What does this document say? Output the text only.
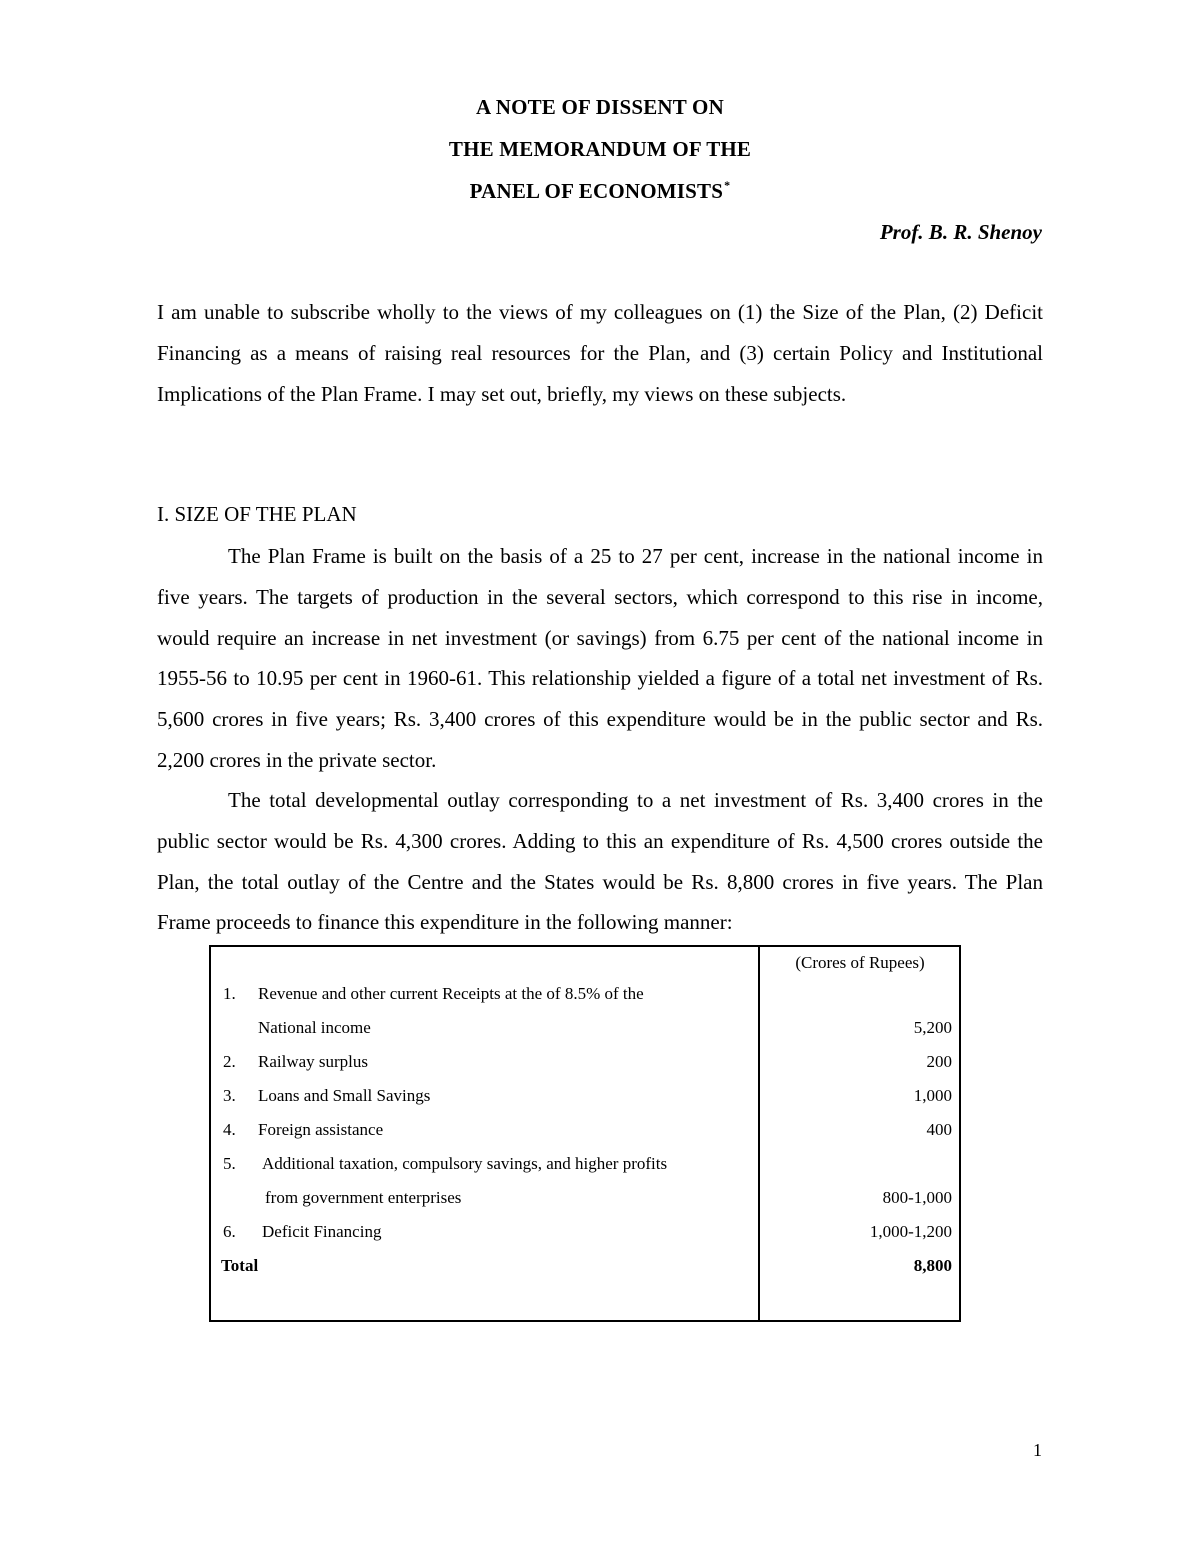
A NOTE OF DISSENT ON
THE MEMORANDUM OF THE
PANEL OF ECONOMISTS*
Prof. B. R. Shenoy

I am unable to subscribe wholly to the views of my colleagues on (1) the Size of the Plan, (2) Deficit Financing as a means of raising real resources for the Plan, and (3) certain Policy and Institutional Implications of the Plan Frame. I may set out, briefly, my views on these subjects.

I. SIZE OF THE PLAN

The Plan Frame is built on the basis of a 25 to 27 per cent, increase in the national income in five years. The targets of production in the several sectors, which correspond to this rise in income, would require an increase in net investment (or savings) from 6.75 per cent of the national income in 1955-56 to 10.95 per cent in 1960-61. This relationship yielded a figure of a total net investment of Rs. 5,600 crores in five years; Rs. 3,400 crores of this expenditure would be in the public sector and Rs. 2,200 crores in the private sector.

The total developmental outlay corresponding to a net investment of Rs. 3,400 crores in the public sector would be Rs. 4,300 crores. Adding to this an expenditure of Rs. 4,500 crores outside the Plan, the total outlay of the Centre and the States would be Rs. 8,800 crores in five years. The Plan Frame proceeds to finance this expenditure in the following manner:

(Crores of Rupees)
1. Revenue and other current Receipts at the of 8.5% of the
National income	5,200
2. Railway surplus	200
3. Loans and Small Savings	1,000
4. Foreign assistance	400
5. Additional taxation, compulsory savings, and higher profits
from government enterprises	800-1,000
6. Deficit Financing	1,000-1,200
Total	8,800
1
